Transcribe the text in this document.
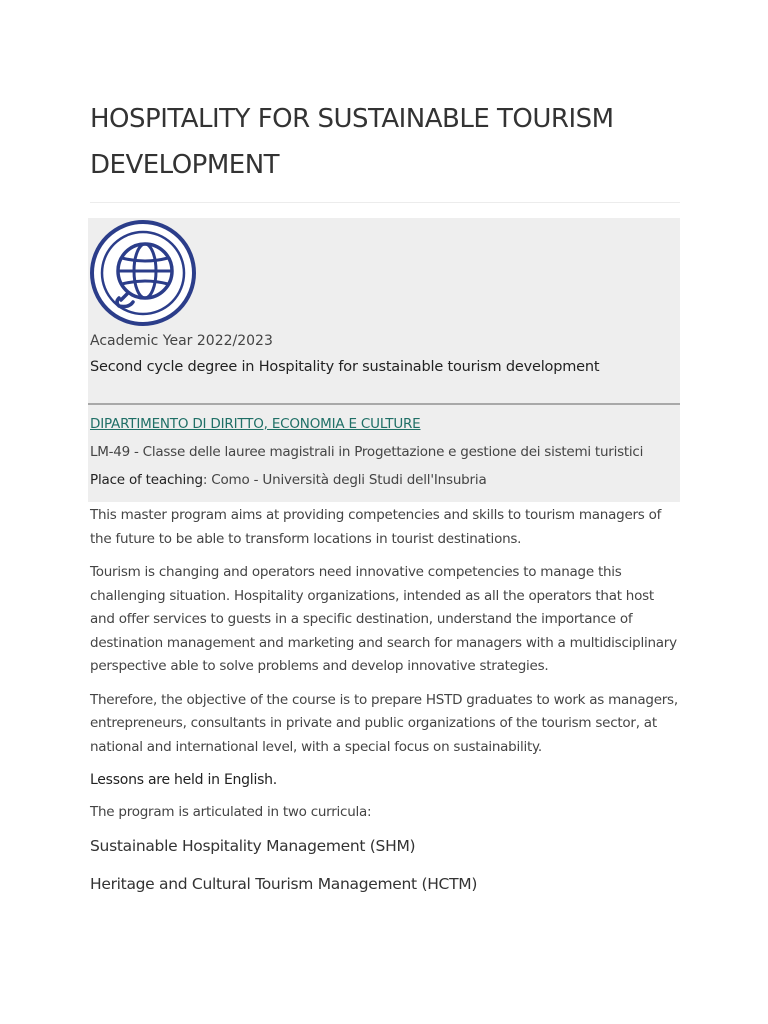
HOSPITALITY FOR SUSTAINABLE TOURISM
DEVELOPMENT
Academic Year 2022/2023
Second cycle degree in Hospitality for sustainable tourism development
DIPARTIMENTO DI DIRITTO, ECONOMIA E CULTURE
LM-49 - Classe delle lauree magistrali in Progettazione e gestione dei sistemi turistici
Place of teaching: Como - Università degli Studi dell'Insubria

This master program aims at providing competencies and skills to tourism managers of the future to be able to transform locations in tourist destinations.

Tourism is changing and operators need innovative competencies to manage this challenging situation. Hospitality organizations, intended as all the operators that host and offer services to guests in a specific destination, understand the importance of destination management and marketing and search for managers with a multidisciplinary perspective able to solve problems and develop innovative strategies.

Therefore, the objective of the course is to prepare HSTD graduates to work as managers, entrepreneurs, consultants in private and public organizations of the tourism sector, at national and international level, with a special focus on sustainability.

Lessons are held in English.

The program is articulated in two curricula:

Sustainable Hospitality Management (SHM)
Heritage and Cultural Tourism Management (HCTM)
